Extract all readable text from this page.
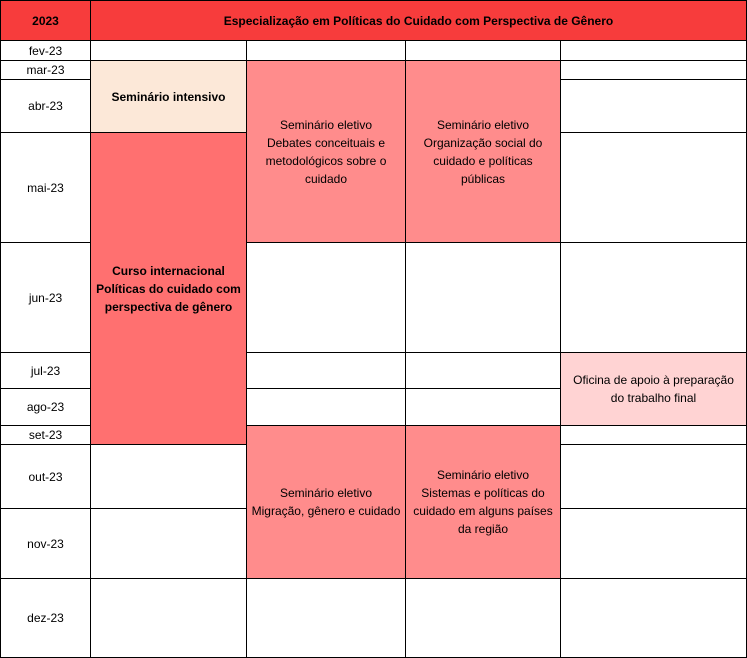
2023	Especialização em Políticas do Cuidado com Perspectiva de Gênero
fev-23
mar-23
abr-23
mai-23
jun-23
jul-23
ago-23
set-23
out-23
nov-23
dez-23
Seminário intensivo
Curso internacional
Políticas do cuidado com
perspectiva de gênero
Seminário eletivo
Debates conceituais e
metodológicos sobre o
cuidado
Seminário eletivo
Migração, gênero e cuidado
Seminário eletivo
Organização social do
cuidado e políticas
públicas
Seminário eletivo
Sistemas e políticas do
cuidado em alguns países
da região
Oficina de apoio à preparação
do trabalho final
